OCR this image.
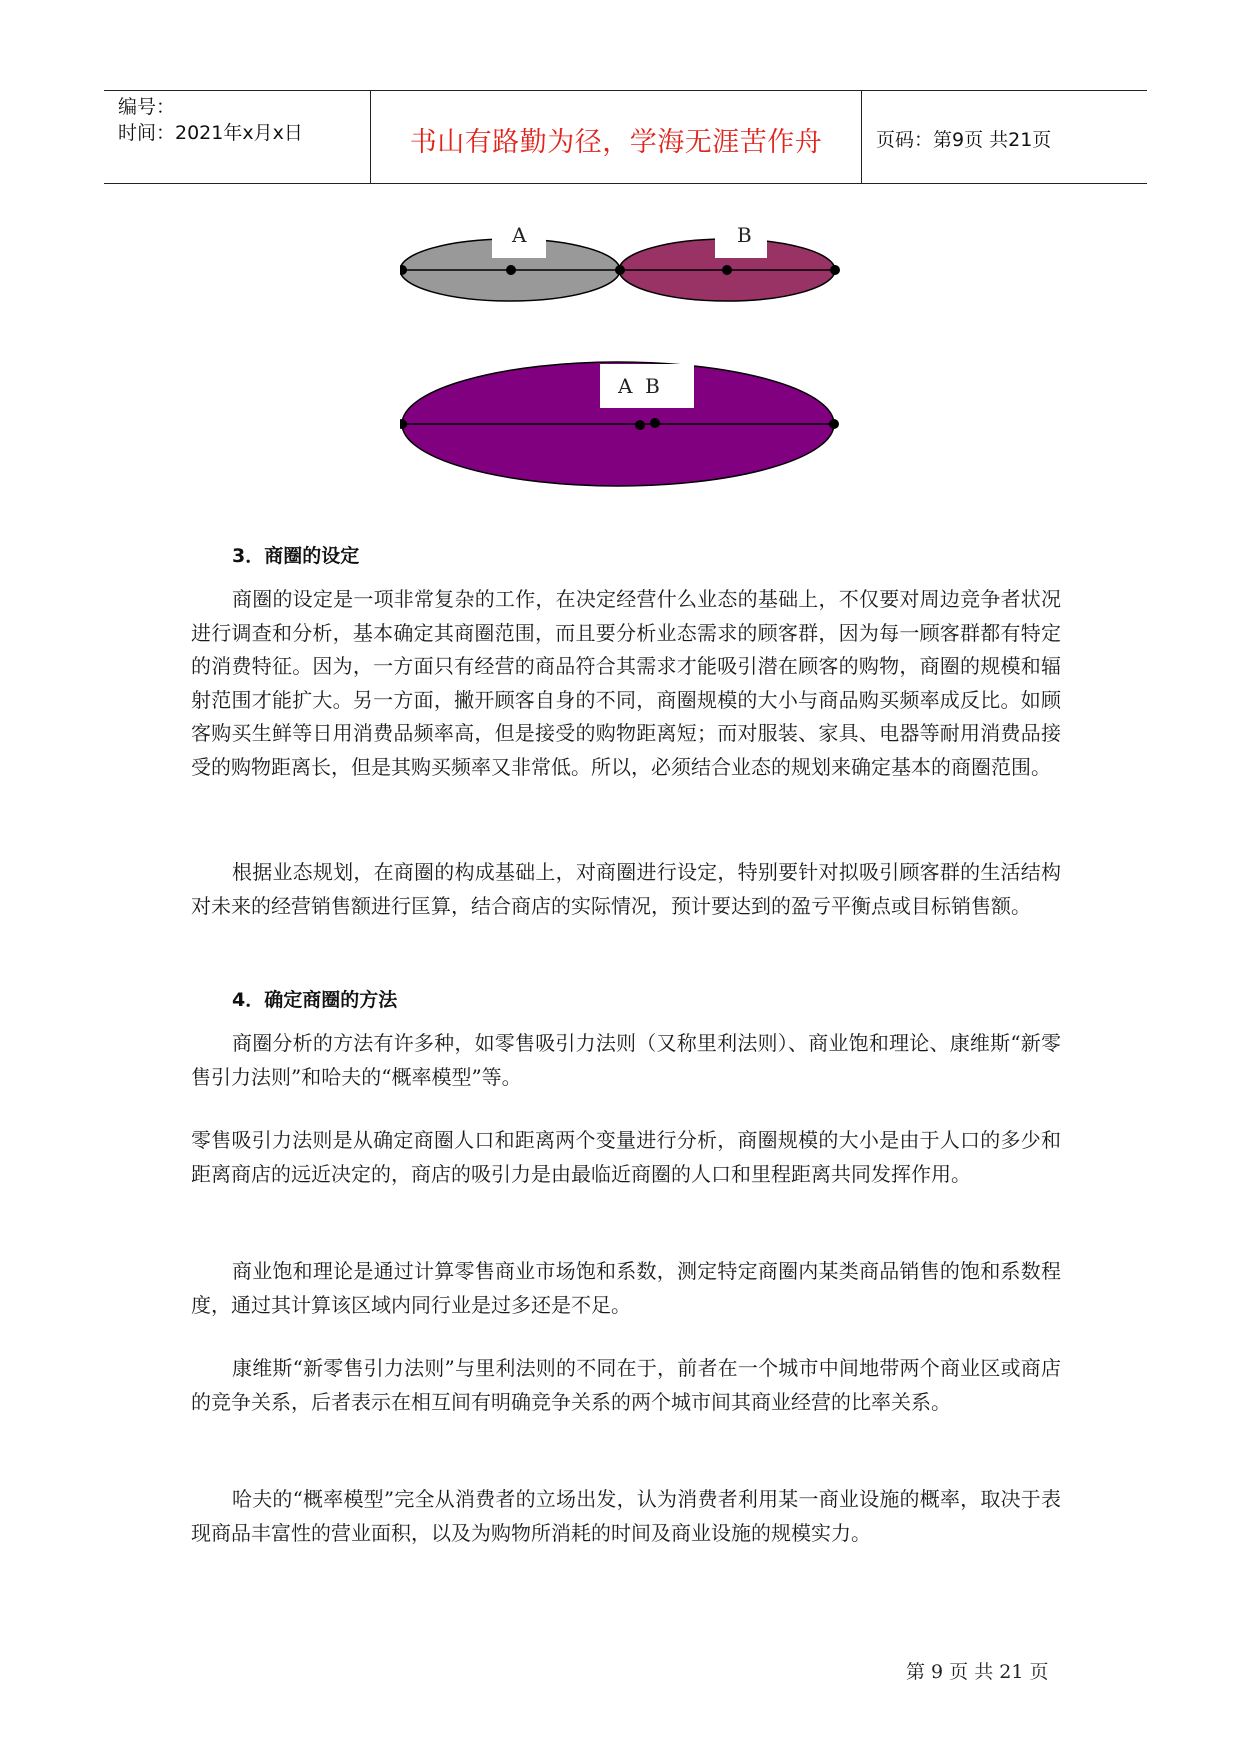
编号：
时间：2021年x月x日	书山有路勤为径，学海无涯苦作舟	页码：第9页 共21页
A	B
A  B
3．商圈的设定

商圈的设定是一项非常复杂的工作，在决定经营什么业态的基础上，不仅要对周边竞争者状况进行调查和分析，基本确定其商圈范围，而且要分析业态需求的顾客群，因为每一顾客群都有特定的消费特征。因为，一方面只有经营的商品符合其需求才能吸引潜在顾客的购物，商圈的规模和辐射范围才能扩大。另一方面，撇开顾客自身的不同，商圈规模的大小与商品购买频率成反比。如顾客购买生鲜等日用消费品频率高，但是接受的购物距离短；而对服装、家具、电器等耐用消费品接受的购物距离长，但是其购买频率又非常低。所以，必须结合业态的规划来确定基本的商圈范围。

根据业态规划，在商圈的构成基础上，对商圈进行设定，特别要针对拟吸引顾客群的生活结构对未来的经营销售额进行匡算，结合商店的实际情况，预计要达到的盈亏平衡点或目标销售额。

4．确定商圈的方法

商圈分析的方法有许多种，如零售吸引力法则（又称里利法则）、商业饱和理论、康维斯“新零售引力法则”和哈夫的“概率模型”等。

零售吸引力法则是从确定商圈人口和距离两个变量进行分析，商圈规模的大小是由于人口的多少和距离商店的远近决定的，商店的吸引力是由最临近商圈的人口和里程距离共同发挥作用。

商业饱和理论是通过计算零售商业市场饱和系数，测定特定商圈内某类商品销售的饱和系数程度，通过其计算该区域内同行业是过多还是不足。

康维斯“新零售引力法则”与里利法则的不同在于，前者在一个城市中间地带两个商业区或商店的竞争关系，后者表示在相互间有明确竞争关系的两个城市间其商业经营的比率关系。

哈夫的“概率模型”完全从消费者的立场出发，认为消费者利用某一商业设施的概率，取决于表现商品丰富性的营业面积，以及为购物所消耗的时间及商业设施的规模实力。

第 9 页 共 21 页
